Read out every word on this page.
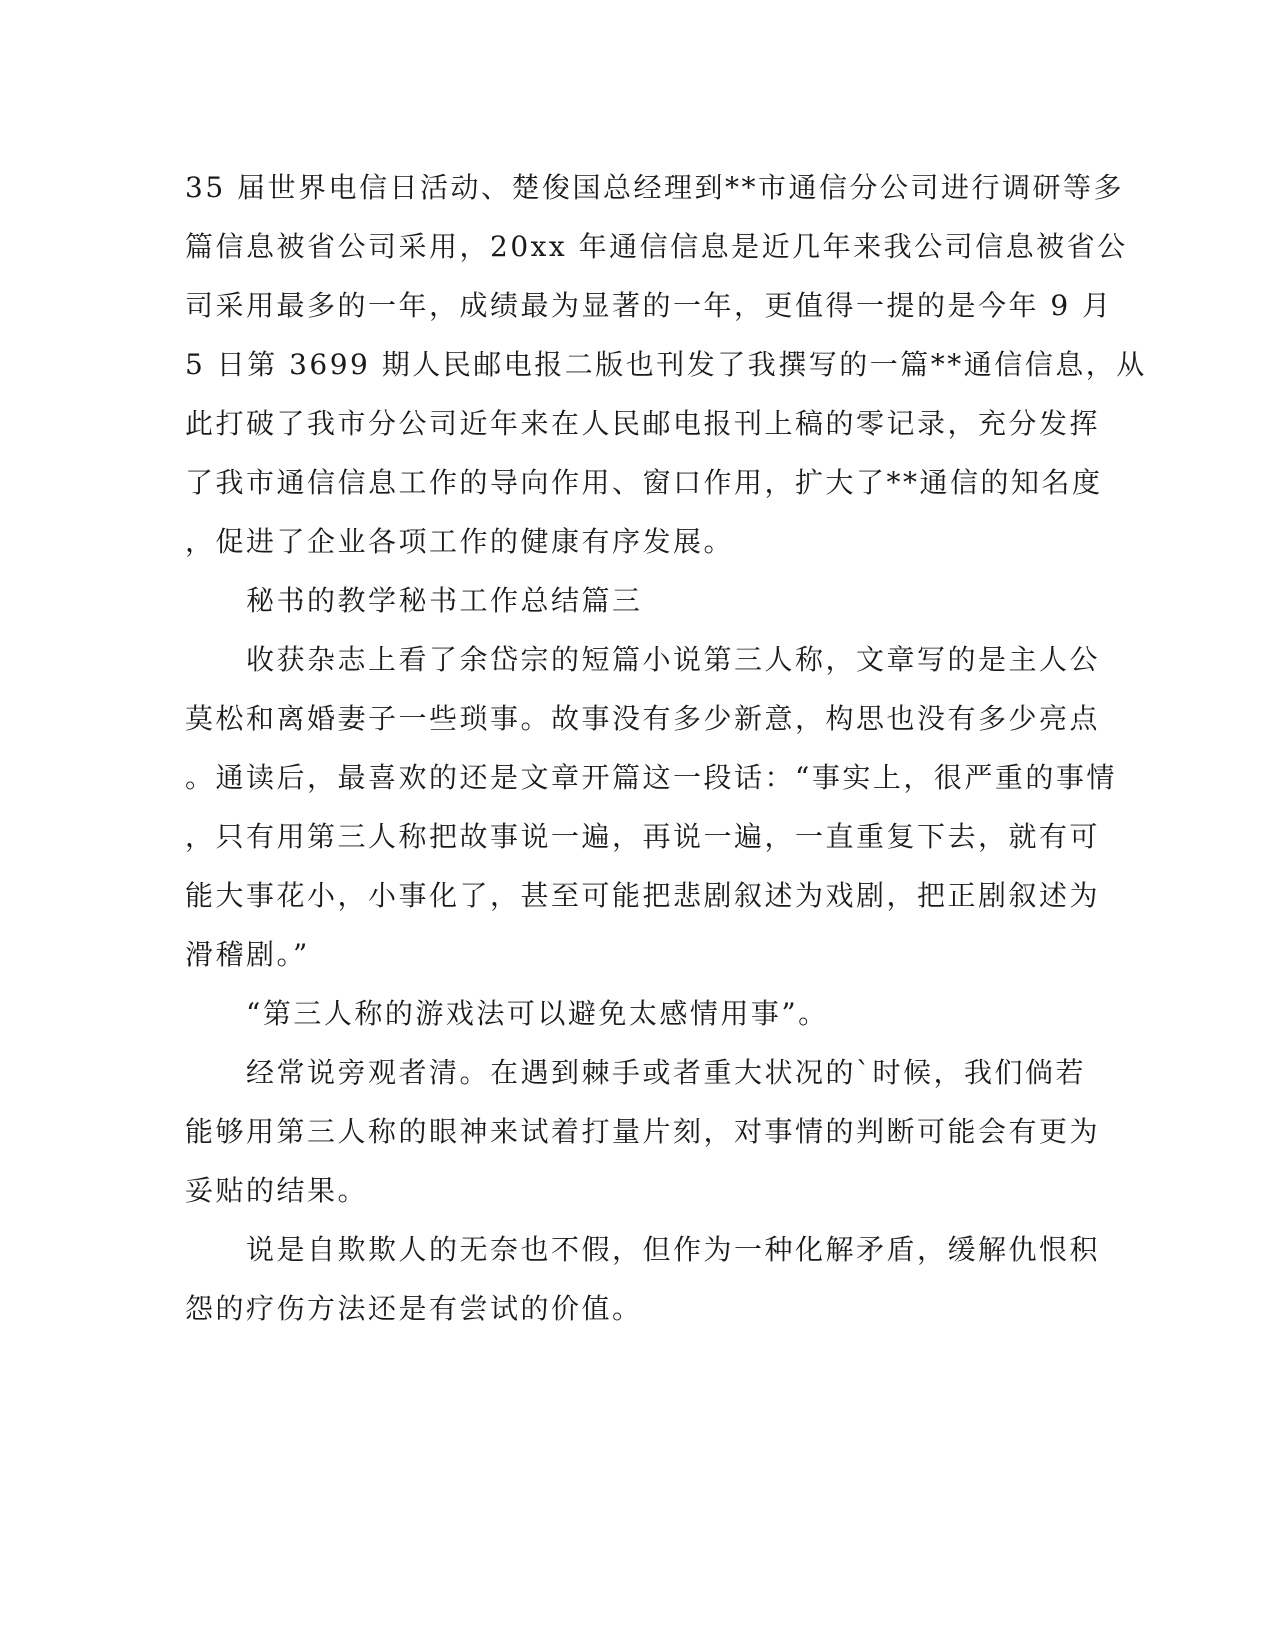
35 届世界电信日活动、楚俊国总经理到**市通信分公司进行调研等多
篇信息被省公司采用，20xx 年通信信息是近几年来我公司信息被省公
司采用最多的一年，成绩最为显著的一年，更值得一提的是今年 9 月
5 日第 3699 期人民邮电报二版也刊发了我撰写的一篇**通信信息，从
此打破了我市分公司近年来在人民邮电报刊上稿的零记录，充分发挥
了我市通信信息工作的导向作用、窗口作用，扩大了**通信的知名度
，促进了企业各项工作的健康有序发展。
　　秘书的教学秘书工作总结篇三
　　收获杂志上看了余岱宗的短篇小说第三人称，文章写的是主人公
莫松和离婚妻子一些琐事。故事没有多少新意，构思也没有多少亮点
。通读后，最喜欢的还是文章开篇这一段话：“事实上，很严重的事情
，只有用第三人称把故事说一遍，再说一遍，一直重复下去，就有可
能大事花小，小事化了，甚至可能把悲剧叙述为戏剧，把正剧叙述为
滑稽剧。”
　　“第三人称的游戏法可以避免太感情用事”。
　　经常说旁观者清。在遇到棘手或者重大状况的`时候，我们倘若
能够用第三人称的眼神来试着打量片刻，对事情的判断可能会有更为
妥贴的结果。
　　说是自欺欺人的无奈也不假，但作为一种化解矛盾，缓解仇恨积
怨的疗伤方法还是有尝试的价值。
